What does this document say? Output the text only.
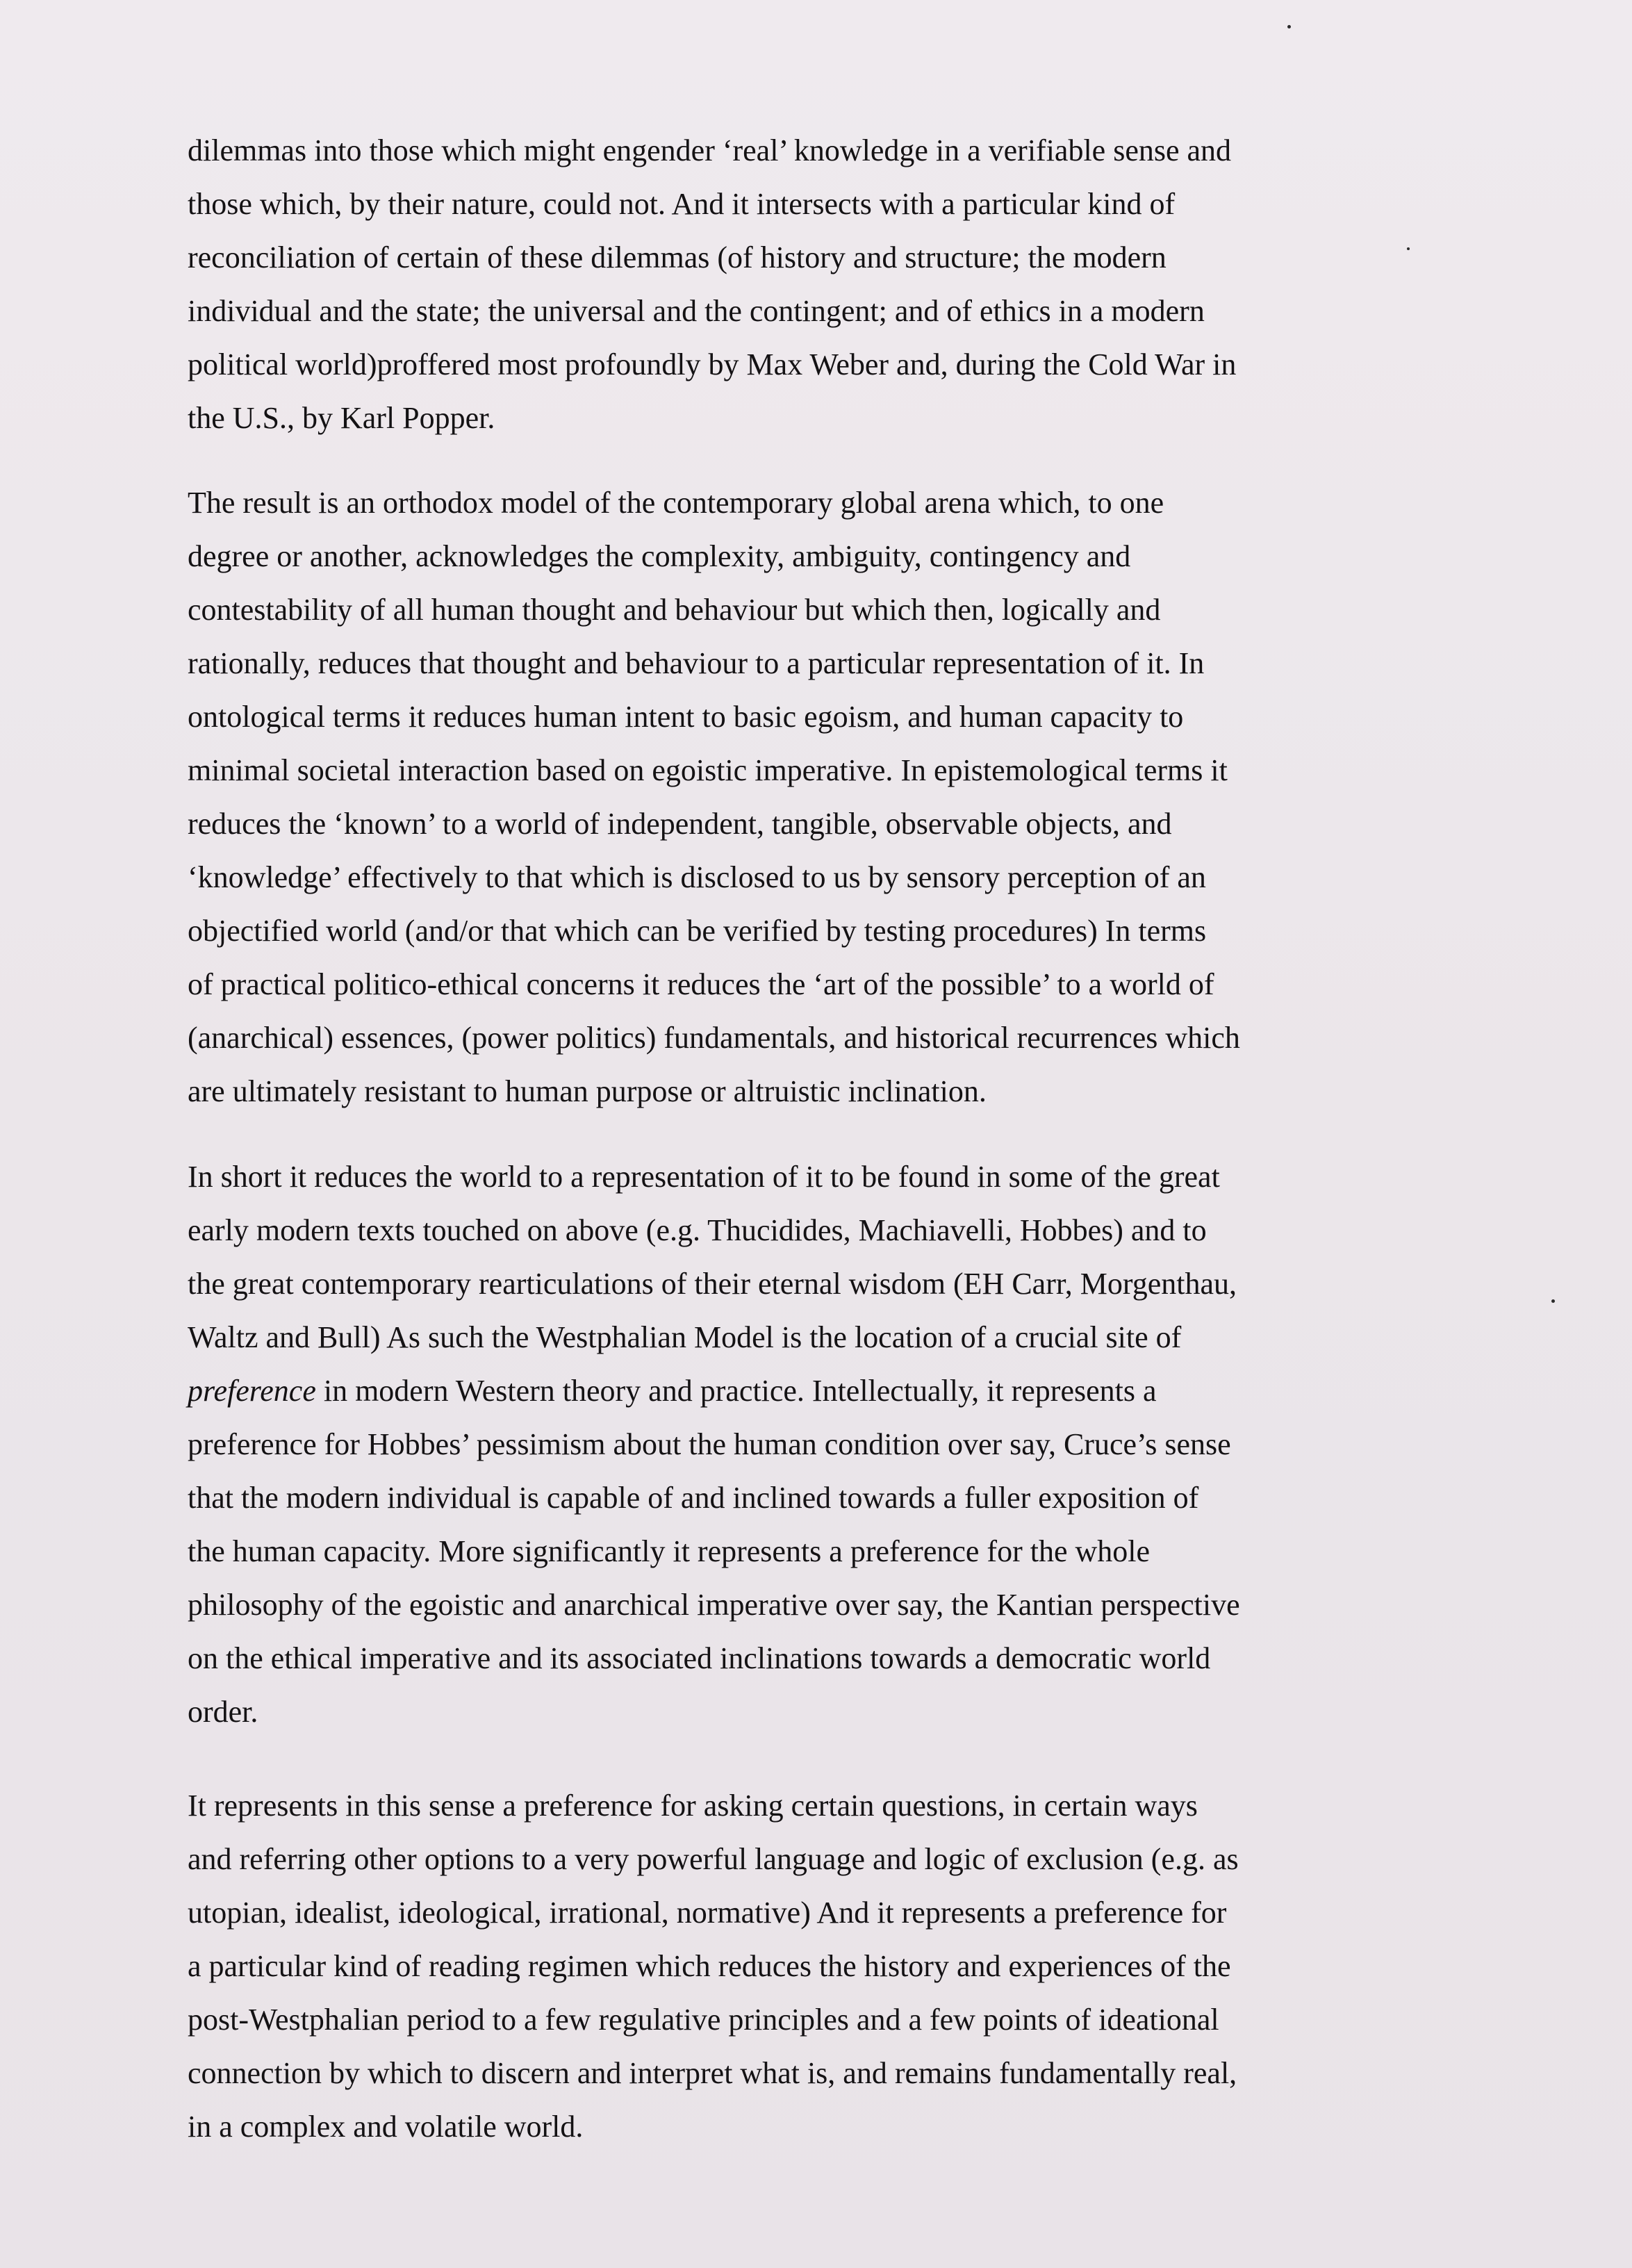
dilemmas into those which might engender ‘real’ knowledge in a verifiable sense and
those which, by their nature, could not. And it intersects with a particular kind of
reconciliation of certain of these dilemmas (of history and structure; the modern
individual and the state; the universal and the contingent; and of ethics in a modern
political world)proffered most profoundly by Max Weber and, during the Cold War in
the U.S., by Karl Popper.

The result is an orthodox model of the contemporary global arena which, to one
degree or another, acknowledges the complexity, ambiguity, contingency and
contestability of all human thought and behaviour but which then, logically and
rationally, reduces that thought and behaviour to a particular representation of it. In
ontological terms it reduces human intent to basic egoism, and human capacity to
minimal societal interaction based on egoistic imperative. In epistemological terms it
reduces the ‘known’ to a world of independent, tangible, observable objects, and
‘knowledge’ effectively to that which is disclosed to us by sensory perception of an
objectified world (and/or that which can be verified by testing procedures) In terms
of practical politico-ethical concerns it reduces the ‘art of the possible’ to a world of
(anarchical) essences, (power politics) fundamentals, and historical recurrences which
are ultimately resistant to human purpose or altruistic inclination.

In short it reduces the world to a representation of it to be found in some of the great
early modern texts touched on above (e.g. Thucidides, Machiavelli, Hobbes) and to
the great contemporary rearticulations of their eternal wisdom (EH Carr, Morgenthau,
Waltz and Bull) As such the Westphalian Model is the location of a crucial site of
preference in modern Western theory and practice. Intellectually, it represents a
preference for Hobbes’ pessimism about the human condition over say, Cruce’s sense
that the modern individual is capable of and inclined towards a fuller exposition of
the human capacity. More significantly it represents a preference for the whole
philosophy of the egoistic and anarchical imperative over say, the Kantian perspective
on the ethical imperative and its associated inclinations towards a democratic world
order.

It represents in this sense a preference for asking certain questions, in certain ways
and referring other options to a very powerful language and logic of exclusion (e.g. as
utopian, idealist, ideological, irrational, normative) And it represents a preference for
a particular kind of reading regimen which reduces the history and experiences of the
post-Westphalian period to a few regulative principles and a few points of ideational
connection by which to discern and interpret what is, and remains fundamentally real,
in a complex and volatile world.
